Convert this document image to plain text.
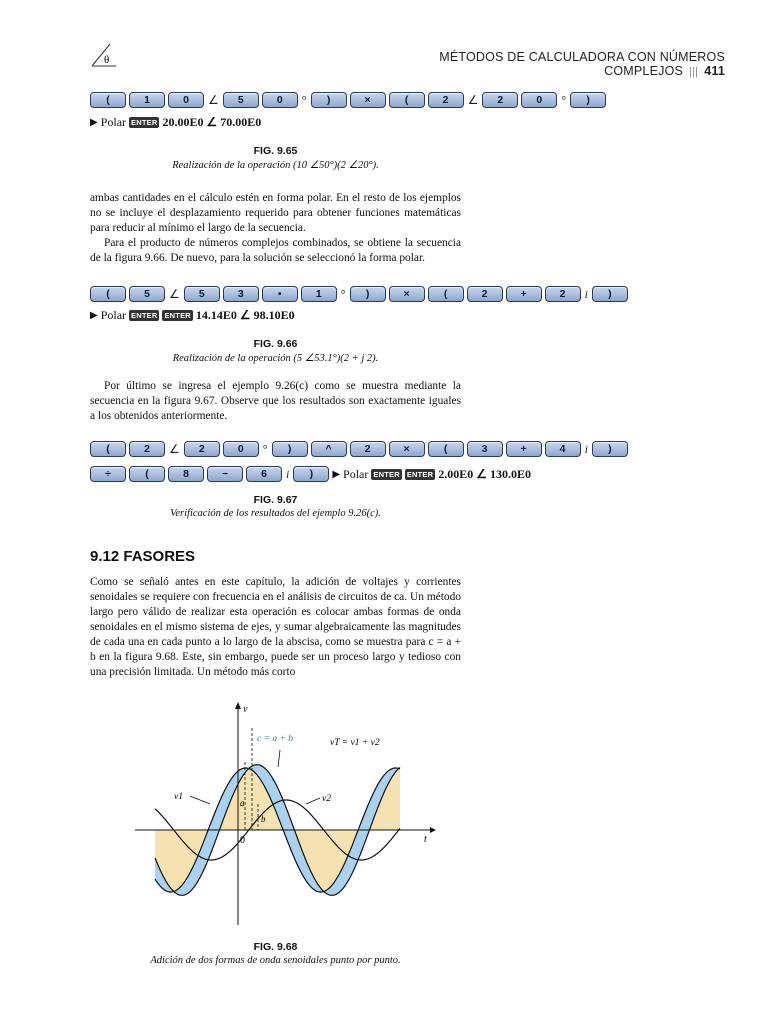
θ	MÉTODOS DE CALCULADORA CON NÚMEROS COMPLEJOS ||| 411
(	1	0	∠	5	0	°	)	×	(	2	∠	2	0	°	)
▶ Polar ENTER 20.00E0 ∠ 70.00E0
FIG. 9.65
Realización de la operación (10 ∠50°)(2 ∠20°).

ambas cantidades en el cálculo estén en forma polar. En el resto de los ejemplos no se incluye el desplazamiento requerido para obtener funciones matemáticas para reducir al mínimo el largo de la secuencia.

Para el producto de números complejos combinados, se obtiene la secuencia de la figura 9.66. De nuevo, para la solución se seleccionó la forma polar.

(	5	∠	5	3	•	1	°	)	×	(	2	+	2	i	)
▶ Polar ENTER ENTER 14.14E0 ∠ 98.10E0
FIG. 9.66
Realización de la operación (5 ∠53.1°)(2 + j 2).

Por último se ingresa el ejemplo 9.26(c) como se muestra mediante la secuencia en la figura 9.67. Observe que los resultados son exactamente iguales a los obtenidos anteriormente.

(	2	∠	2	0	°	)	^	2	×	(	3	+	4	i	)
÷	(	8	−	6	i	)	▶ Polar ENTER ENTER 2.00E0 ∠ 130.0E0
FIG. 9.67
Verificación de los resultados del ejemplo 9.26(c).
9.12 FASORES

Como se señaló antes en este capítulo, la adición de voltajes y corrientes senoidales se requiere con frecuencia en el análisis de circuitos de ca. Un método largo pero válido de realizar esta operación es colocar ambas formas de onda senoidales en el mismo sistema de ejes, y sumar algebraicamente las magnitudes de cada una en cada punto a lo largo de la abscisa, como se muestra para c = a + b en la figura 9.68. Este, sin embargo, puede ser un proceso largo y tedioso con una precisión limitada. Un método más corto

v
t
0
c = a + b	vT = v1 + v2
v1	v2
a
b
FIG. 9.68
Adición de dos formas de onda senoidales punto por punto.
